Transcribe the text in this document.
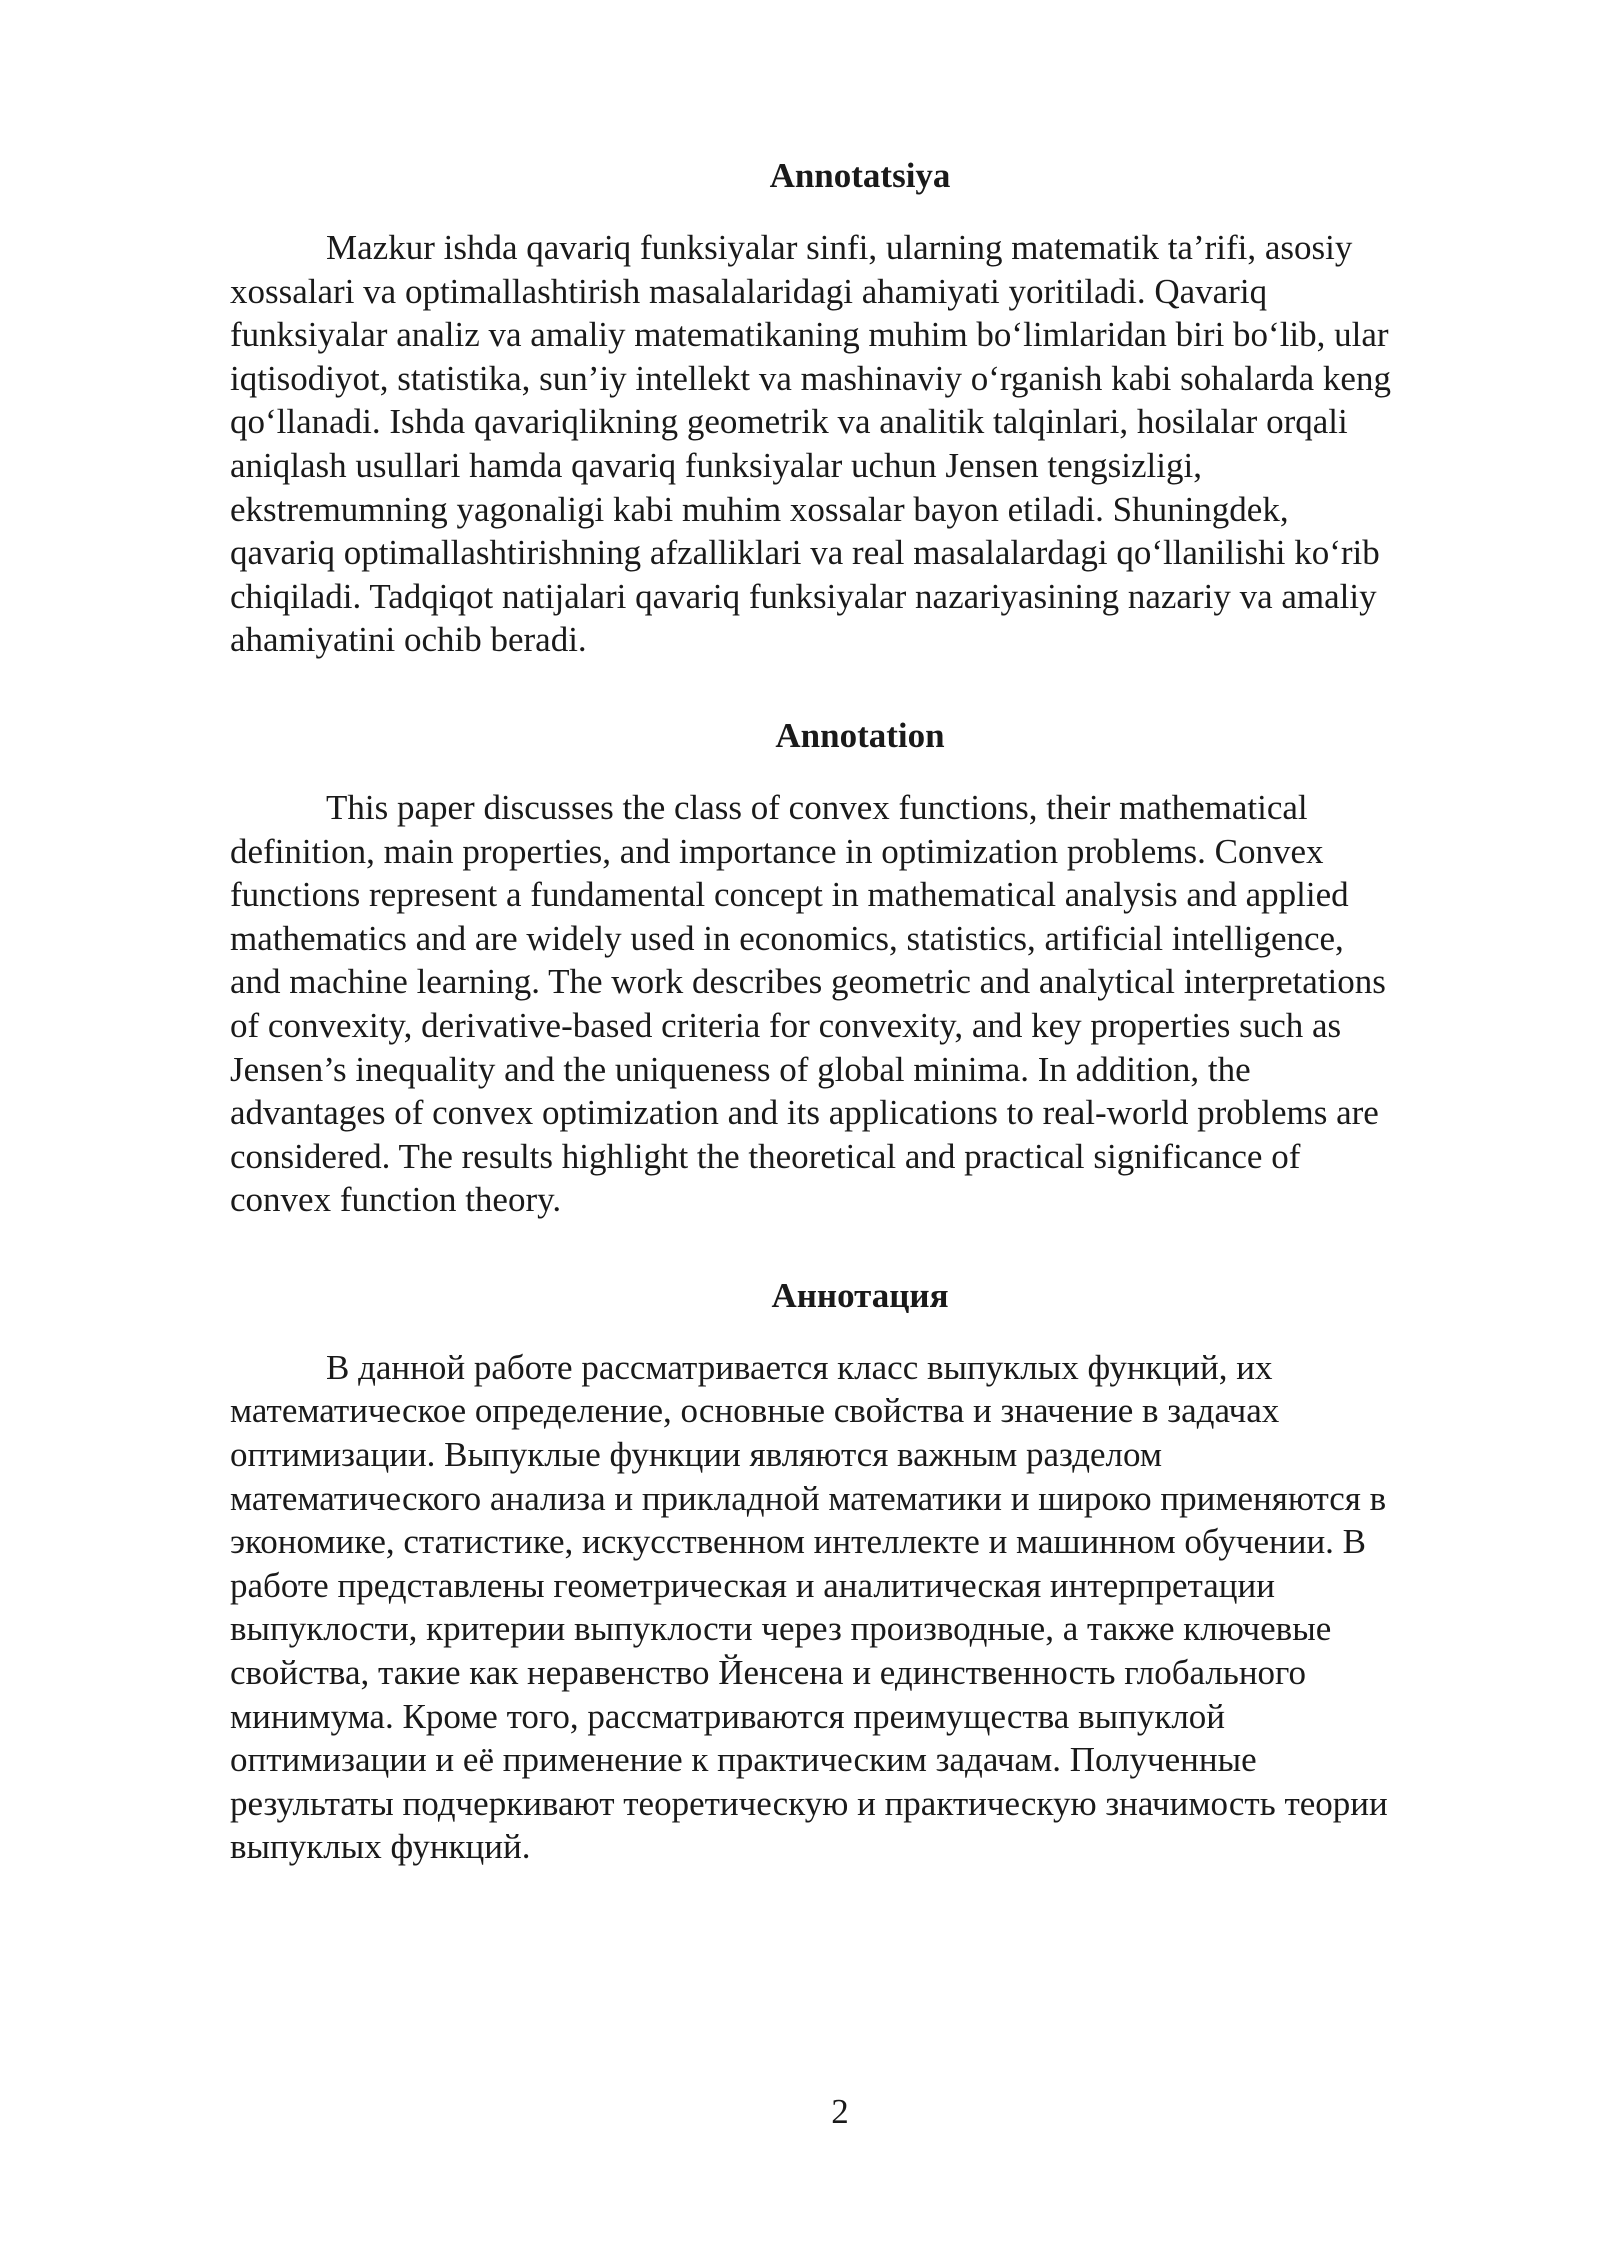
Annotatsiya
Mazkur ishda qavariq funksiyalar sinfi, ularning matematik ta’rifi, asosiy
xossalari va optimallashtirish masalalaridagi ahamiyati yoritiladi. Qavariq
funksiyalar analiz va amaliy matematikaning muhim bo‘limlaridan biri bo‘lib, ular
iqtisodiyot, statistika, sun’iy intellekt va mashinaviy o‘rganish kabi sohalarda keng
qo‘llanadi. Ishda qavariqlikning geometrik va analitik talqinlari, hosilalar orqali
aniqlash usullari hamda qavariq funksiyalar uchun Jensen tengsizligi,
ekstremumning yagonaligi kabi muhim xossalar bayon etiladi. Shuningdek,
qavariq optimallashtirishning afzalliklari va real masalalardagi qo‘llanilishi ko‘rib
chiqiladi. Tadqiqot natijalari qavariq funksiyalar nazariyasining nazariy va amaliy
ahamiyatini ochib beradi.
Annotation
This paper discusses the class of convex functions, their mathematical
definition, main properties, and importance in optimization problems. Convex
functions represent a fundamental concept in mathematical analysis and applied
mathematics and are widely used in economics, statistics, artificial intelligence,
and machine learning. The work describes geometric and analytical interpretations
of convexity, derivative-based criteria for convexity, and key properties such as
Jensen’s inequality and the uniqueness of global minima. In addition, the
advantages of convex optimization and its applications to real-world problems are
considered. The results highlight the theoretical and practical significance of
convex function theory.
Аннотация
В данной работе рассматривается класс выпуклых функций, их
математическое определение, основные свойства и значение в задачах
оптимизации. Выпуклые функции являются важным разделом
математического анализа и прикладной математики и широко применяются в
экономике, статистике, искусственном интеллекте и машинном обучении. В
работе представлены геометрическая и аналитическая интерпретации
выпуклости, критерии выпуклости через производные, а также ключевые
свойства, такие как неравенство Йенсена и единственность глобального
минимума. Кроме того, рассматриваются преимущества выпуклой
оптимизации и её применение к практическим задачам. Полученные
результаты подчеркивают теоретическую и практическую значимость теории
выпуклых функций.
2
